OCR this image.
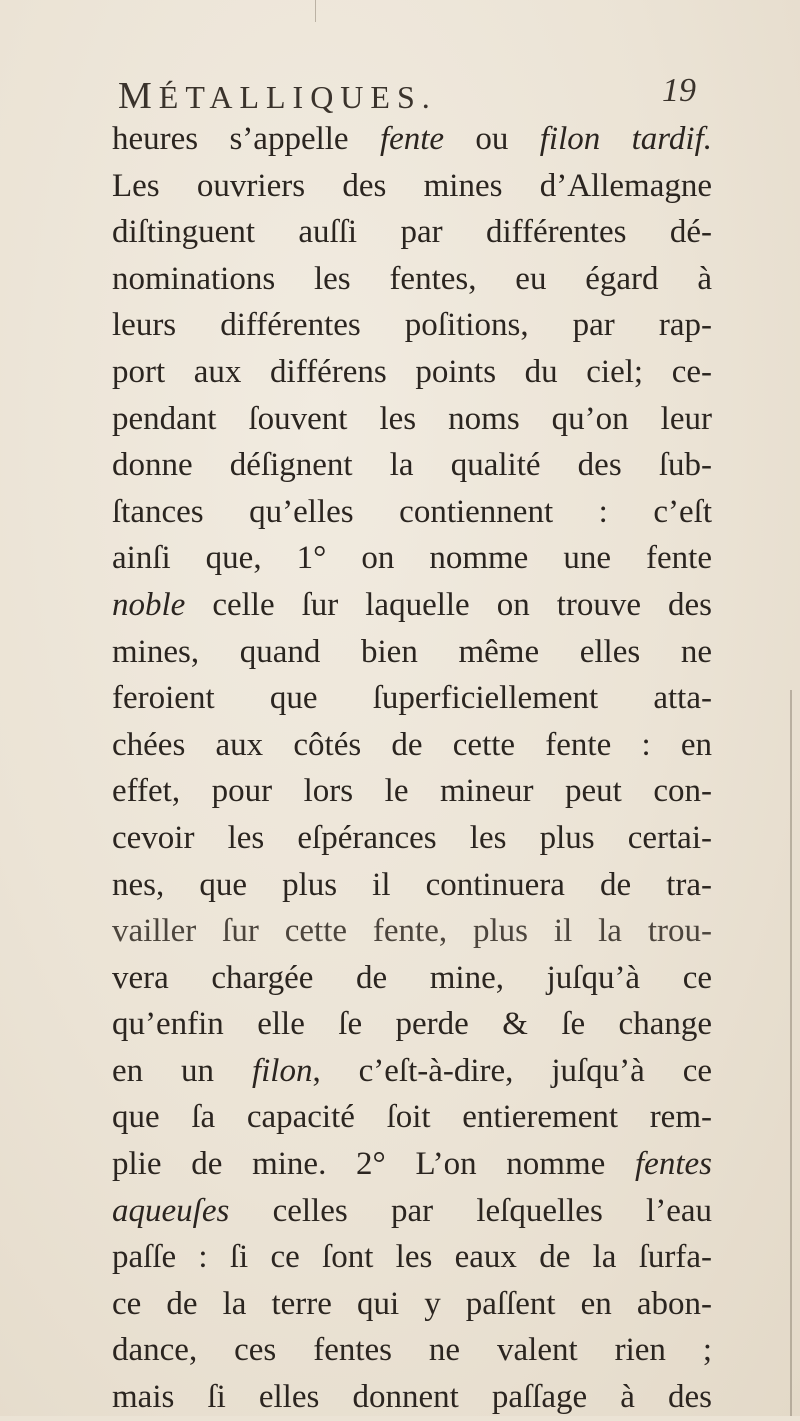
MÉTALLIQUES.	19
heures s’appelle fente ou filon tardif.
Les ouvriers des mines d’Allemagne
diſtinguent auſſi par différentes dé-
nominations les fentes, eu égard à
leurs différentes poſitions, par rap-
port aux différens points du ciel; ce-
pendant ſouvent les noms qu’on leur
donne déſignent la qualité des ſub-
ſtances qu’elles contiennent : c’eſt
ainſi que, 1° on nomme une fente
noble celle ſur laquelle on trouve des
mines, quand bien même elles ne
feroient que ſuperficiellement atta-
chées aux côtés de cette fente : en
effet, pour lors le mineur peut con-
cevoir les eſpérances les plus certai-
nes, que plus il continuera de tra-
vailler ſur cette fente, plus il la trou-
vera chargée de mine, juſqu’à ce
qu’enfin elle ſe perde & ſe change
en un filon, c’eſt-à-dire, juſqu’à ce
que ſa capacité ſoit entierement rem-
plie de mine. 2° L’on nomme fentes
aqueuſes celles par leſquelles l’eau
paſſe : ſi ce ſont les eaux de la ſurfa-
ce de la terre qui y paſſent en abon-
dance, ces fentes ne valent rien ;
mais ſi elles donnent paſſage à des
